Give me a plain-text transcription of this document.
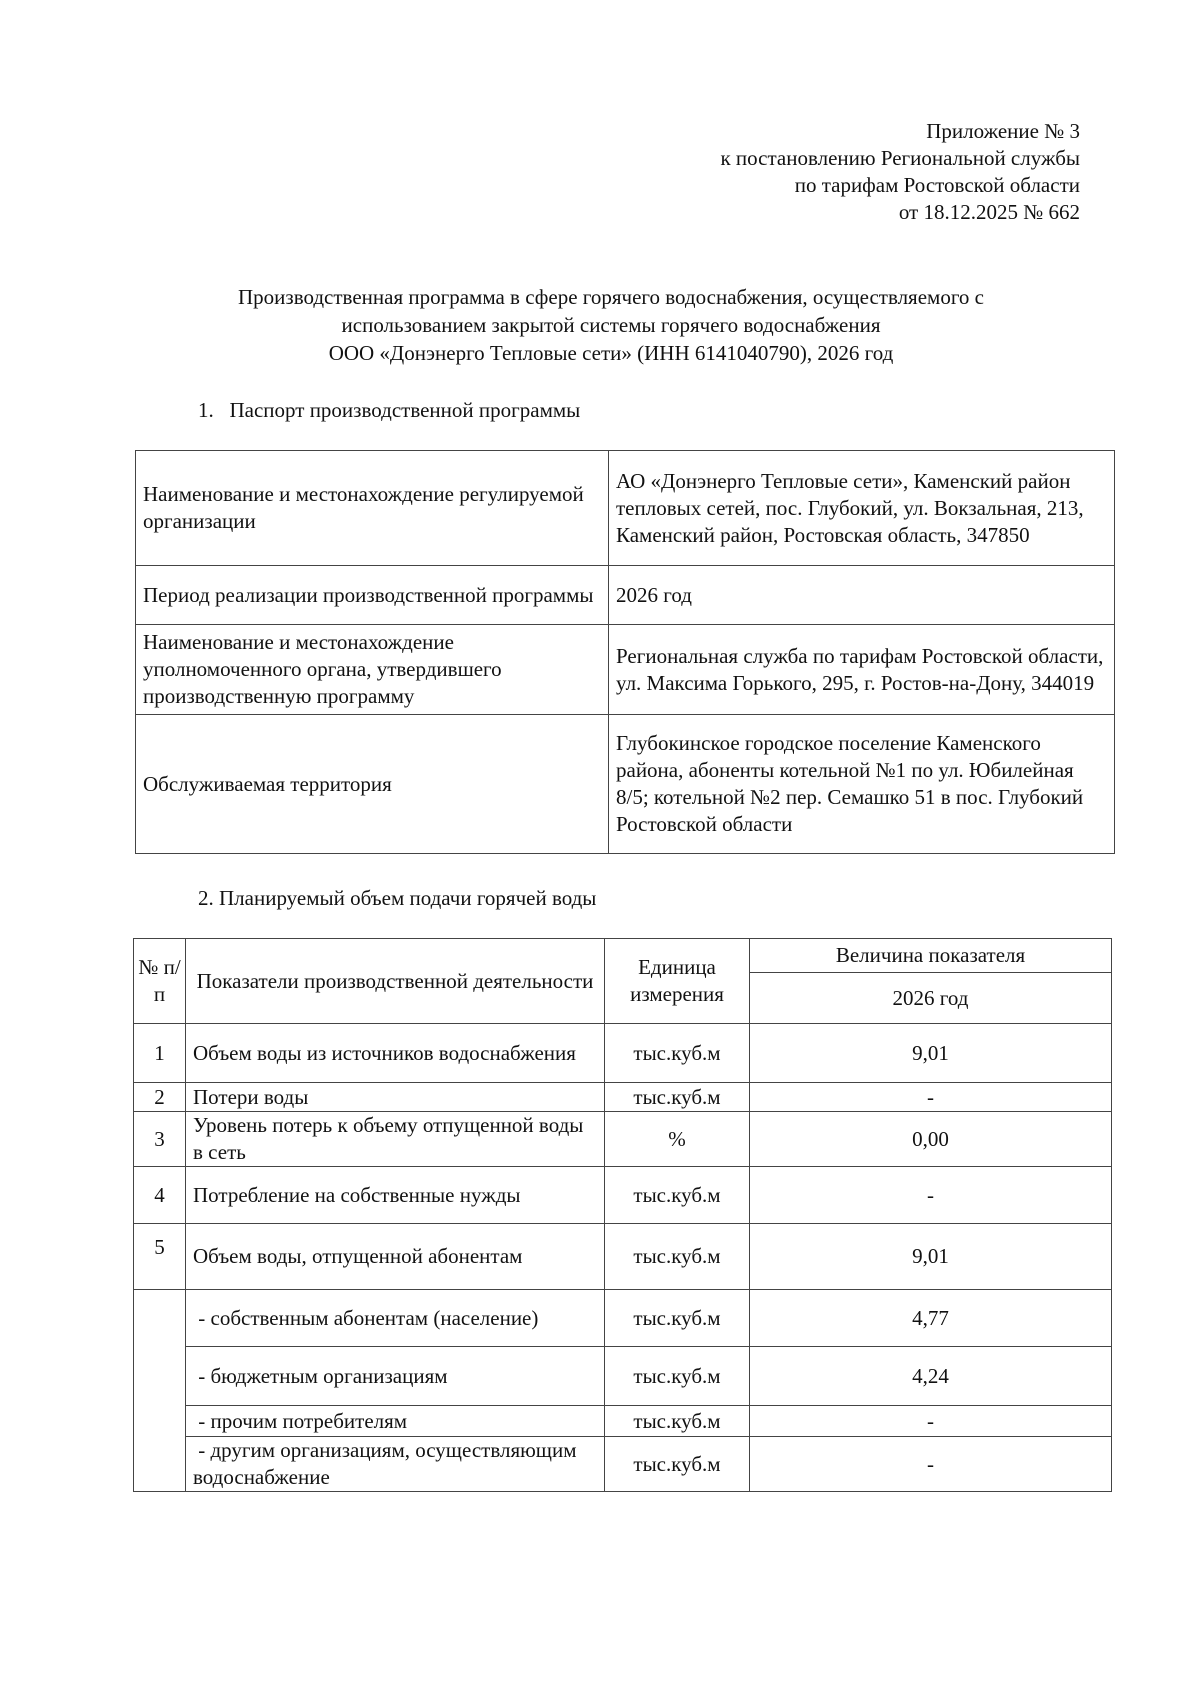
Приложение № 3
к постановлению Региональной службы
по тарифам Ростовской области
от 18.12.2025 № 662
Производственная программа в сфере горячего водоснабжения, осуществляемого с
использованием закрытой системы горячего водоснабжения
ООО «Донэнерго Тепловые сети» (ИНН 6141040790), 2026 год
1.   Паспорт производственной программы
Наименование и местонахождение регулируемой организации	АО «Донэнерго Тепловые сети», Каменский район тепловых сетей, пос. Глубокий, ул. Вокзальная, 213, Каменский район, Ростовская область, 347850
Период реализации производственной программы	2026 год
Наименование и местонахождение уполномоченного органа, утвердившего производственную программу	Региональная служба по тарифам Ростовской области, ул. Максима Горького, 295, г. Ростов-на-Дону, 344019
Обслуживаемая территория	Глубокинское городское поселение Каменского района, абоненты котельной №1 по ул. Юбилейная 8/5; котельной №2 пер. Семашко 51 в пос. Глубокий Ростовской области
2. Планируемый объем подачи горячей воды
№ п/ п	Показатели производственной деятельности	Единица измерения	Величина показателя
			2026 год
1	Объем воды из источников водоснабжения	тыс.куб.м	9,01
2	Потери воды	тыс.куб.м	-
3	Уровень потерь к объему отпущенной воды в сеть	%	0,00
4	Потребление на собственные нужды	тыс.куб.м	-
5	Объем воды, отпущенной абонентам	тыс.куб.м	9,01
	- собственным абонентам (население)	тыс.куб.м	4,77
	- бюджетным организациям	тыс.куб.м	4,24
	- прочим потребителям	тыс.куб.м	-
	- другим организациям, осуществляющим водоснабжение	тыс.куб.м	-
